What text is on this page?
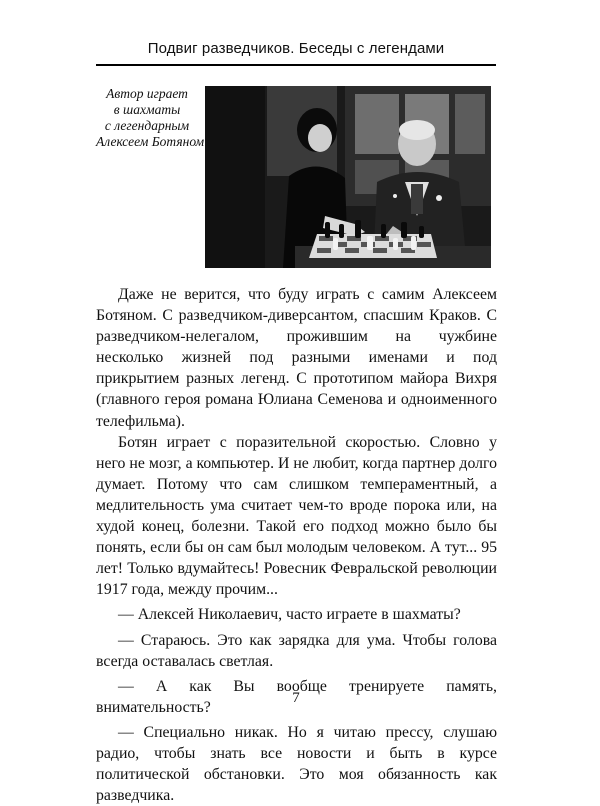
Подвиг разведчиков. Беседы с легендами
Автор играет
в шахматы
с легендарным
Алексеем Ботяном

Даже не верится, что буду играть с самим Алексеем Ботяном. С разведчиком-диверсантом, спасшим Краков. С разведчиком-нелегалом, прожившим на чужбине несколько жизней под разными именами и под прикрытием разных легенд. С прототипом майора Вихря (главного героя романа Юлиана Семенова и одноименного телефильма).

Ботян играет с поразительной скоростью. Словно у него не мозг, а компьютер. И не любит, когда партнер долго думает. Потому что сам слишком темпераментный, а медлительность ума считает чем-то вроде порока или, на худой конец, болезни. Такой его подход можно было бы понять, если бы он сам был молодым человеком. А тут... 95 лет! Только вдумайтесь! Ровесник Февральской революции 1917 года, между прочим...

— Алексей Николаевич, часто играете в шахматы?

— Стараюсь. Это как зарядка для ума. Чтобы голова всегда оставалась светлая.

— А как Вы вообще тренируете память, внимательность?

— Специально никак. Но я читаю прессу, слушаю радио, чтобы знать все новости и быть в курсе политической обстановки. Это моя обязанность как разведчика.

7
